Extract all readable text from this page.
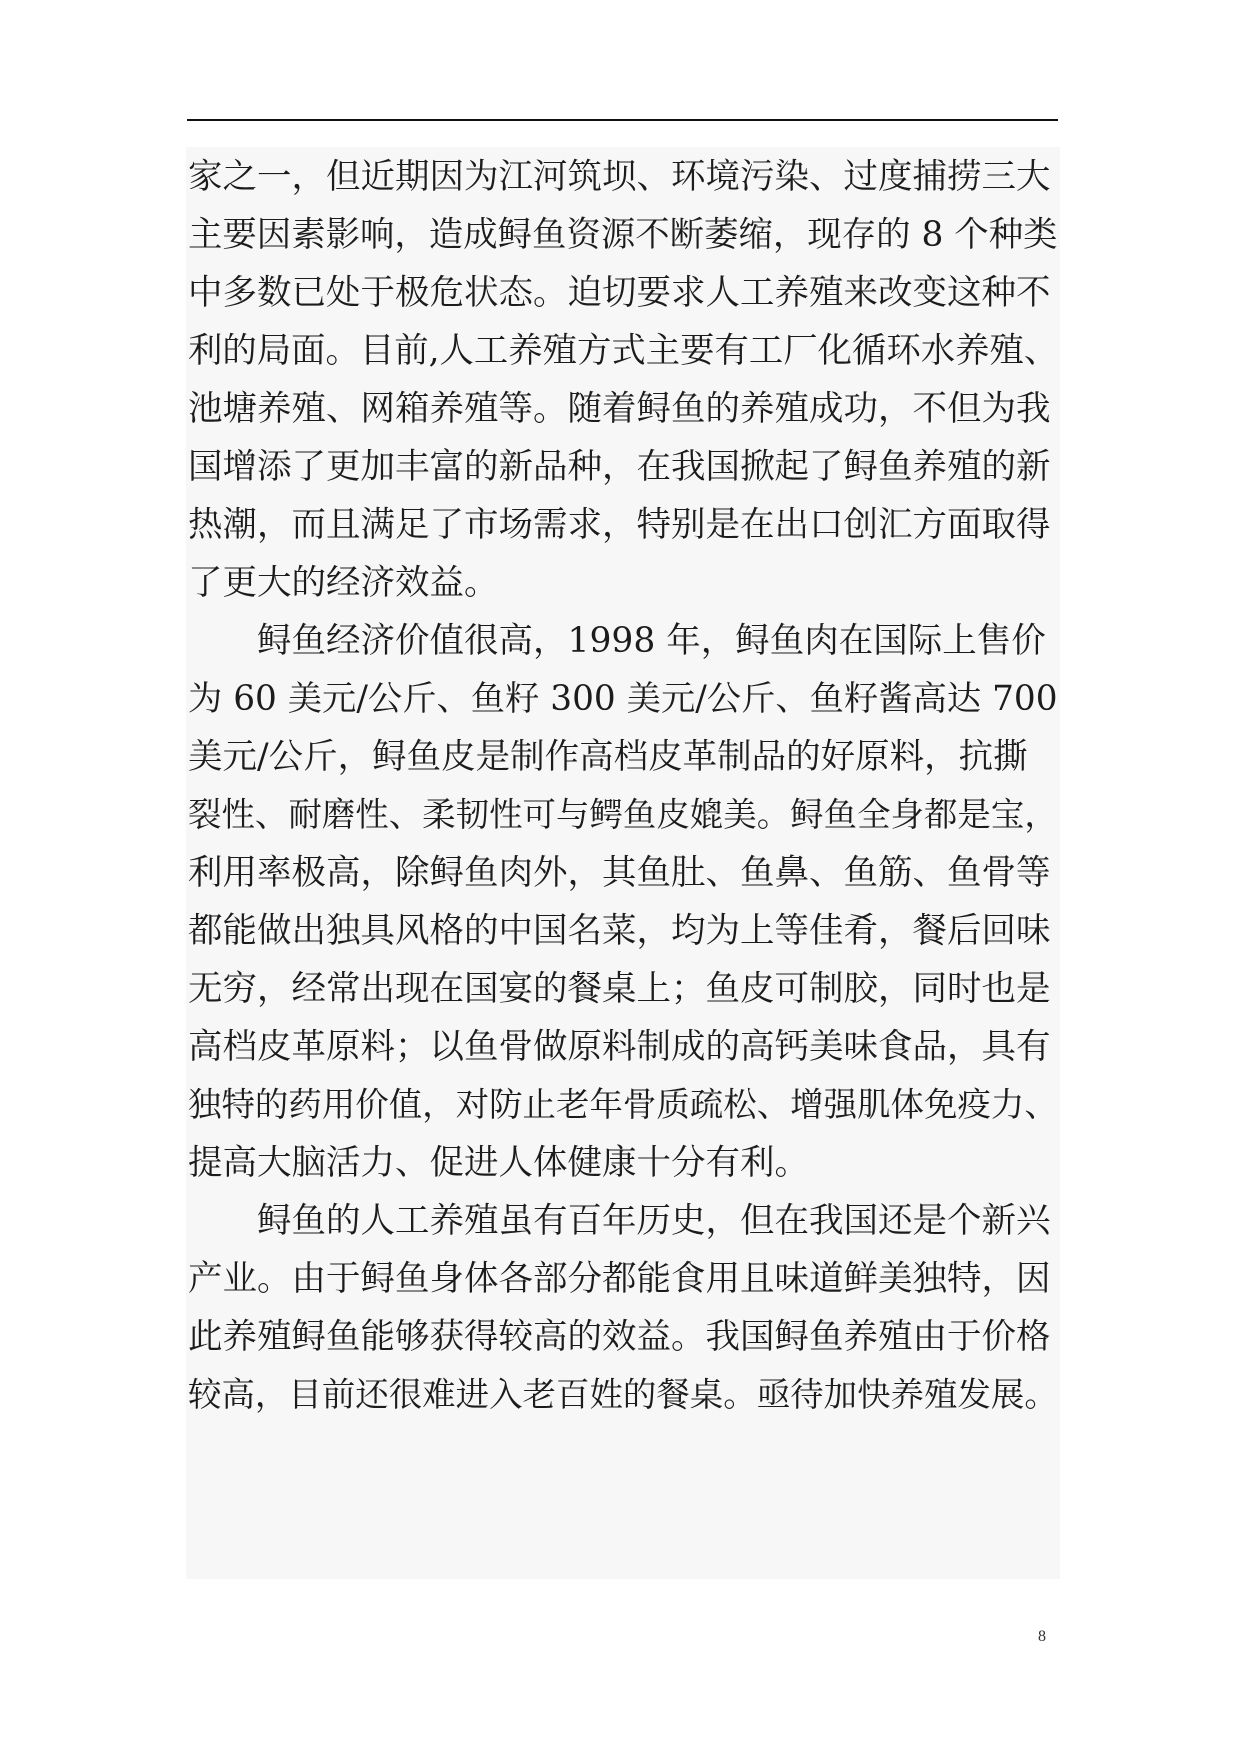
家之一，但近期因为江河筑坝、环境污染、过度捕捞三大
主要因素影响，造成鲟鱼资源不断萎缩，现存的 8 个种类
中多数已处于极危状态。迫切要求人工养殖来改变这种不
利的局面。目前,人工养殖方式主要有工厂化循环水养殖、
池塘养殖、网箱养殖等。随着鲟鱼的养殖成功，不但为我
国增添了更加丰富的新品种，在我国掀起了鲟鱼养殖的新
热潮，而且满足了市场需求，特别是在出口创汇方面取得
了更大的经济效益。
　　鲟鱼经济价值很高，1998 年，鲟鱼肉在国际上售价
为 60 美元/公斤、鱼籽 300 美元/公斤、鱼籽酱高达 700
美元/公斤，鲟鱼皮是制作高档皮革制品的好原料，抗撕
裂性、耐磨性、柔韧性可与鳄鱼皮媲美。鲟鱼全身都是宝，
利用率极高，除鲟鱼肉外，其鱼肚、鱼鼻、鱼筋、鱼骨等
都能做出独具风格的中国名菜，均为上等佳肴，餐后回味
无穷，经常出现在国宴的餐桌上；鱼皮可制胶，同时也是
高档皮革原料；以鱼骨做原料制成的高钙美味食品，具有
独特的药用价值，对防止老年骨质疏松、增强肌体免疫力、
提高大脑活力、促进人体健康十分有利。
　　鲟鱼的人工养殖虽有百年历史，但在我国还是个新兴
产业。由于鲟鱼身体各部分都能食用且味道鲜美独特，因
此养殖鲟鱼能够获得较高的效益。我国鲟鱼养殖由于价格
较高，目前还很难进入老百姓的餐桌。亟待加快养殖发展。
8
